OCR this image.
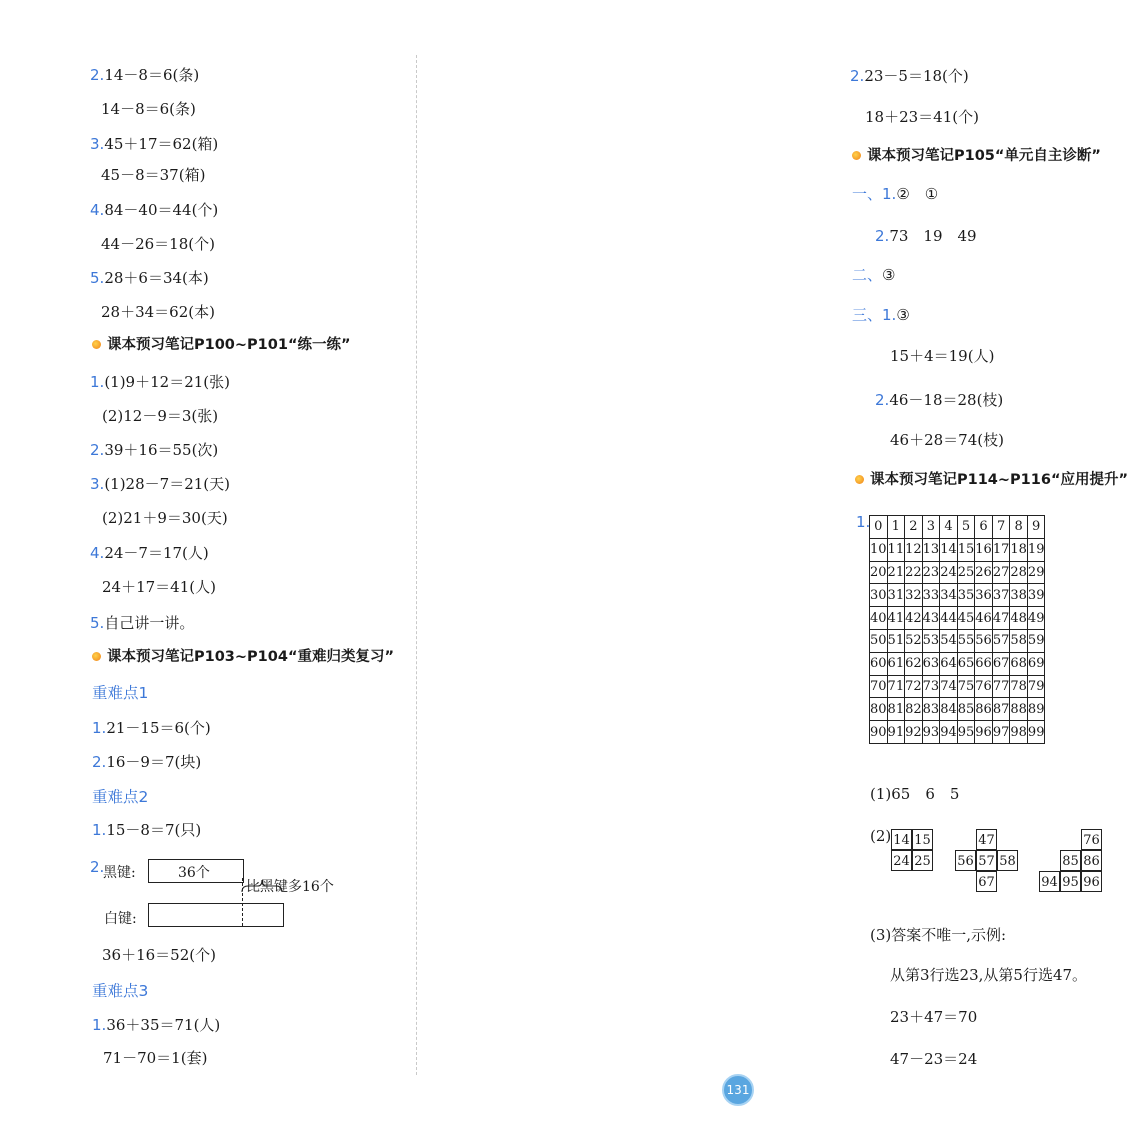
2.14－8＝6(条)
14－8＝6(条)
3.45＋17＝62(箱)
45－8＝37(箱)
4.84－40＝44(个)
44－26＝18(个)
5.28＋6＝34(本)
28＋34＝62(本)
课本预习笔记P100~P101“练一练”
1.(1)9＋12＝21(张)
(2)12－9＝3(张)
2.39＋16＝55(次)
3.(1)28－7＝21(天)
(2)21＋9＝30(天)
4.24－7＝17(人)
24＋17＝41(人)
5.自己讲一讲。
课本预习笔记P103~P104“重难归类复习”
重难点1
1.21－15＝6(个)
2.16－9＝7(块)
重难点2
1.15－8＝7(只)
2.
黑键:	36个
白键:
比黑键多16个
36＋16＝52(个)
重难点3
1.36＋35＝71(人)
71－70＝1(套)
2.23－5＝18(个)
18＋23＝41(个)
课本预习笔记P105“单元自主诊断”
一、1.②　①
2.73　19　49
二、③
三、1.③
15＋4＝19(人)
2.46－18＝28(枝)
46＋28＝74(枝)
课本预习笔记P114~P116“应用提升”
1. 0	1	2	3	4	5	6	7	8	9
10	11	12	13	14	15	16	17	18	19
20	21	22	23	24	25	26	27	28	29
30	31	32	33	34	35	36	37	38	39
40	41	42	43	44	45	46	47	48	49
50	51	52	53	54	55	56	57	58	59
60	61	62	63	64	65	66	67	68	69
70	71	72	73	74	75	76	77	78	79
80	81	82	83	84	85	86	87	88	89
90	91	92	93	94	95	96	97	98	99
(1)65　6　5
(2) 14 15
24 25
47
56 57 58
67
76
85 86
94 95 96
(3)答案不唯一,示例:
从第3行选23,从第5行选47。
23＋47＝70
47－23＝24
131
